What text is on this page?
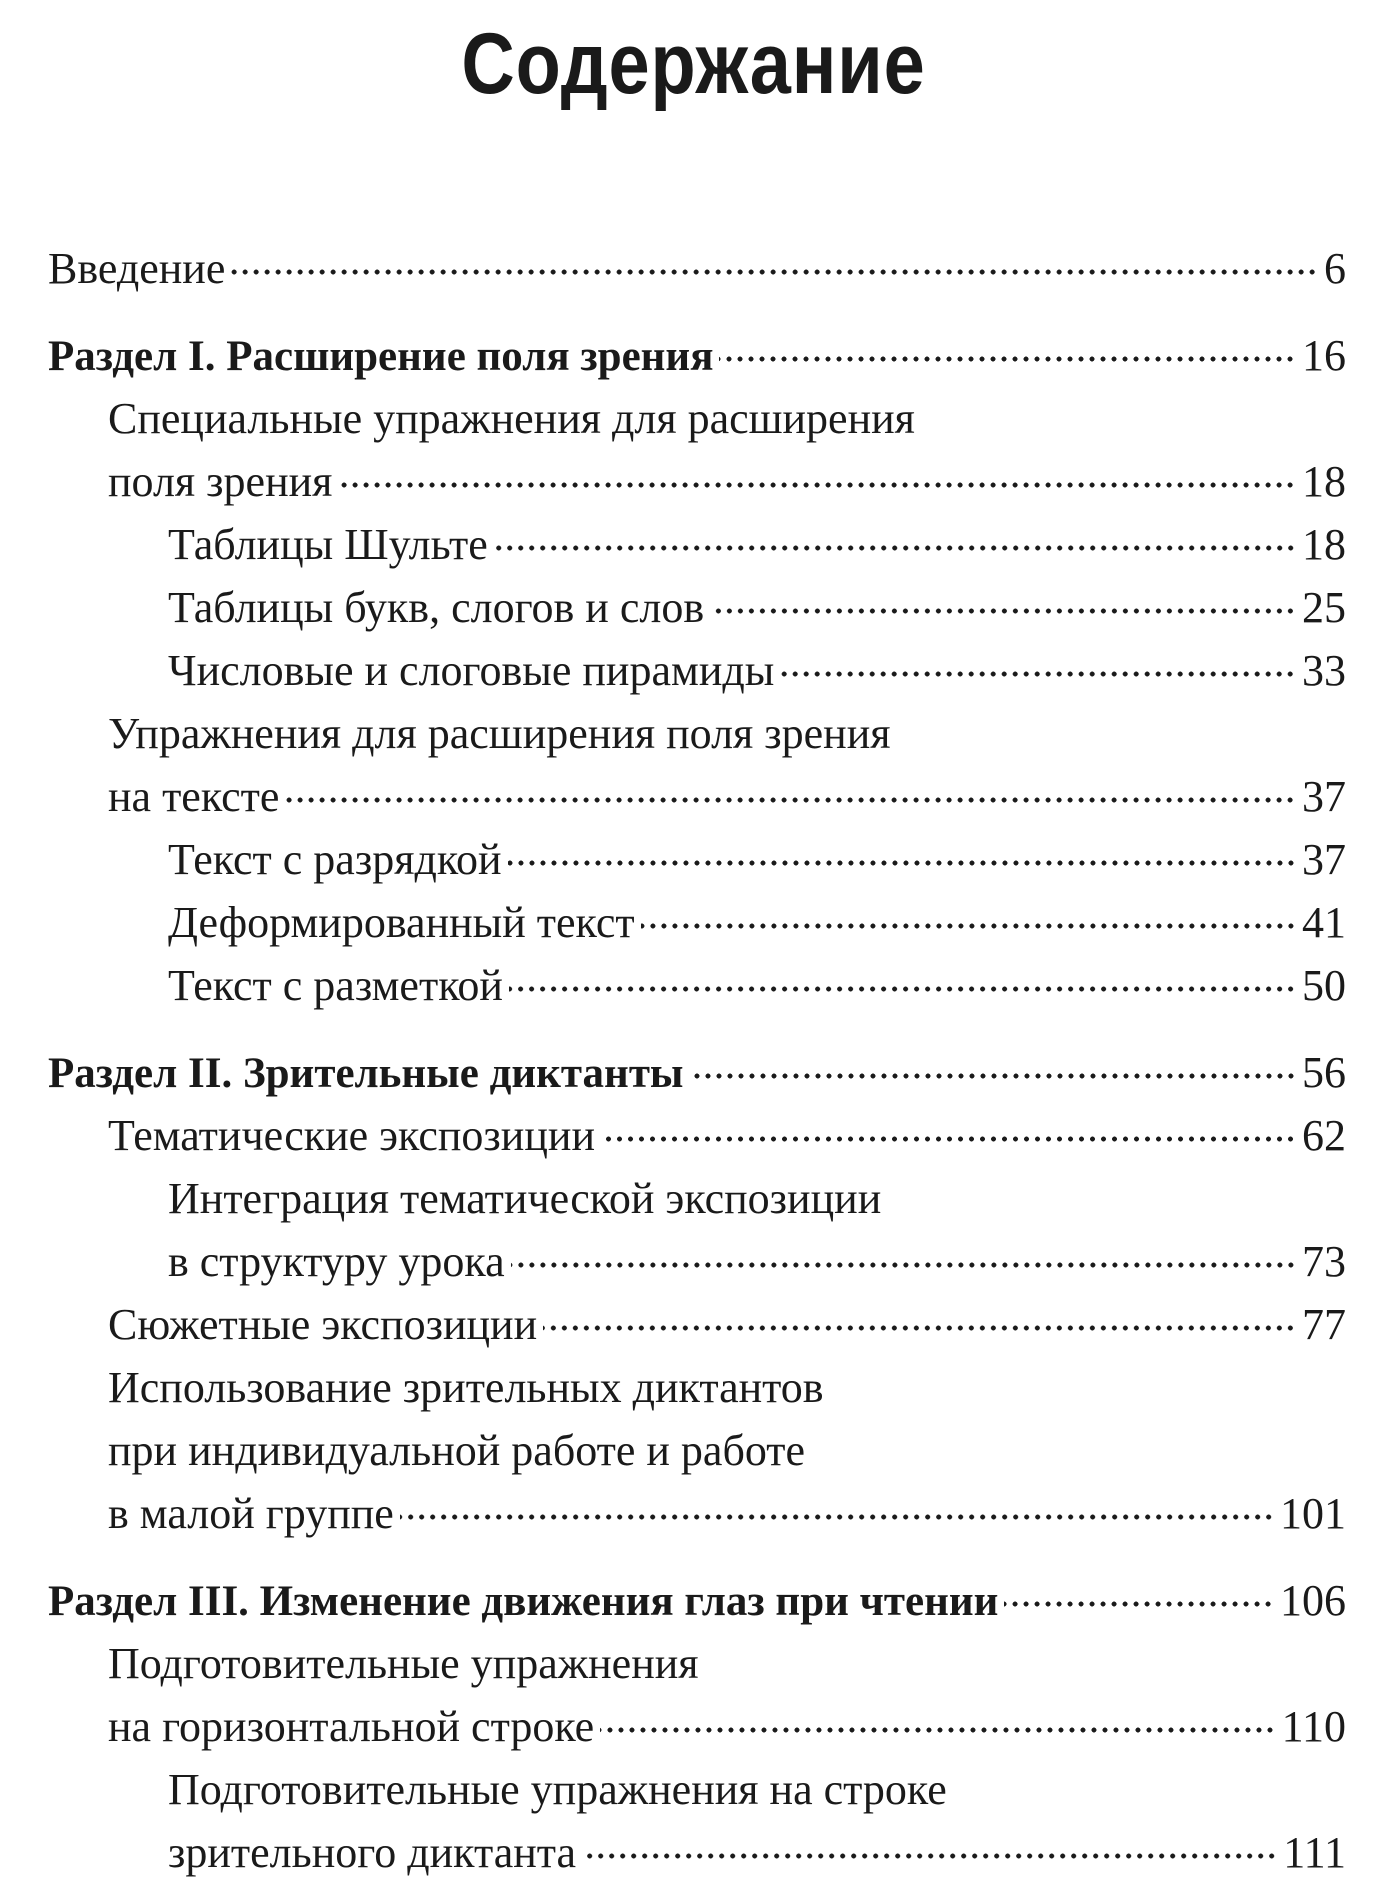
Содержание
Введение	6
Раздел I. Расширение поля зрения	16
Специальные упражнения для расширения
поля зрения	18
Таблицы Шульте	18
Таблицы букв, слогов и слов	25
Числовые и слоговые пирамиды	33
Упражнения для расширения поля зрения
на тексте	37
Текст с разрядкой	37
Деформированный текст	41
Текст с разметкой	50
Раздел II. Зрительные диктанты	56
Тематические экспозиции	62
Интеграция тематической экспозиции
в структуру урока	73
Сюжетные экспозиции	77
Использование зрительных диктантов
при индивидуальной работе и работе
в малой группе	101
Раздел III. Изменение движения глаз при чтении	106
Подготовительные упражнения
на горизонтальной строке	110
Подготовительные упражнения на строке
зрительного диктанта	111
